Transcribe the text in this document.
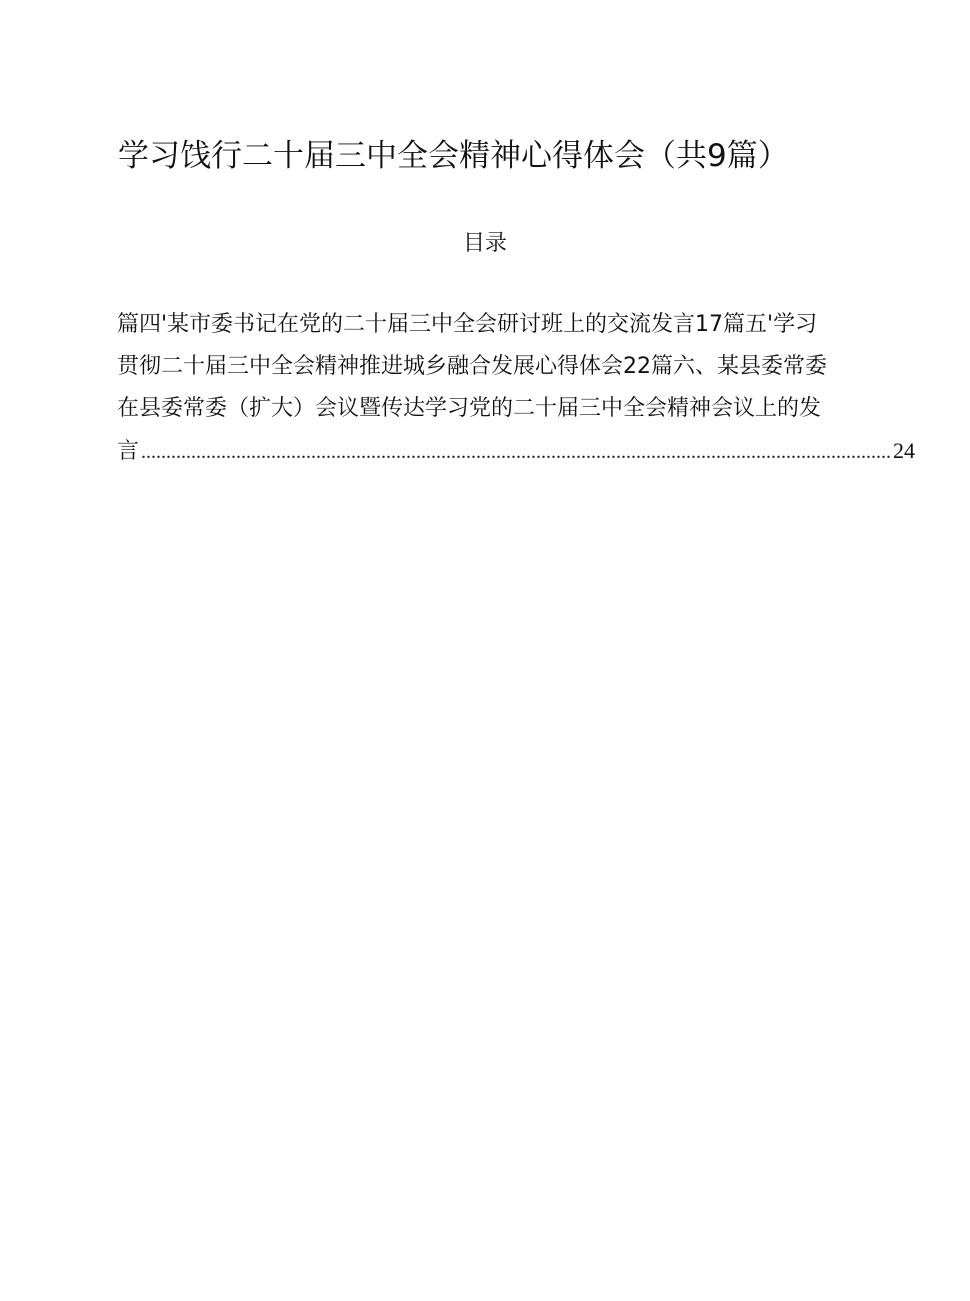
学习饯行二十届三中全会精神心得体会（共9篇）
目录
篇四'某市委书记在党的二十届三中全会研讨班上的交流发言17篇五'学习
贯彻二十届三中全会精神推进城乡融合发展心得体会22篇六、某县委常委
在县委常委（扩大）会议暨传达学习党的二十届三中全会精神会议上的发
言 ...................................................................................................................................................... 24
